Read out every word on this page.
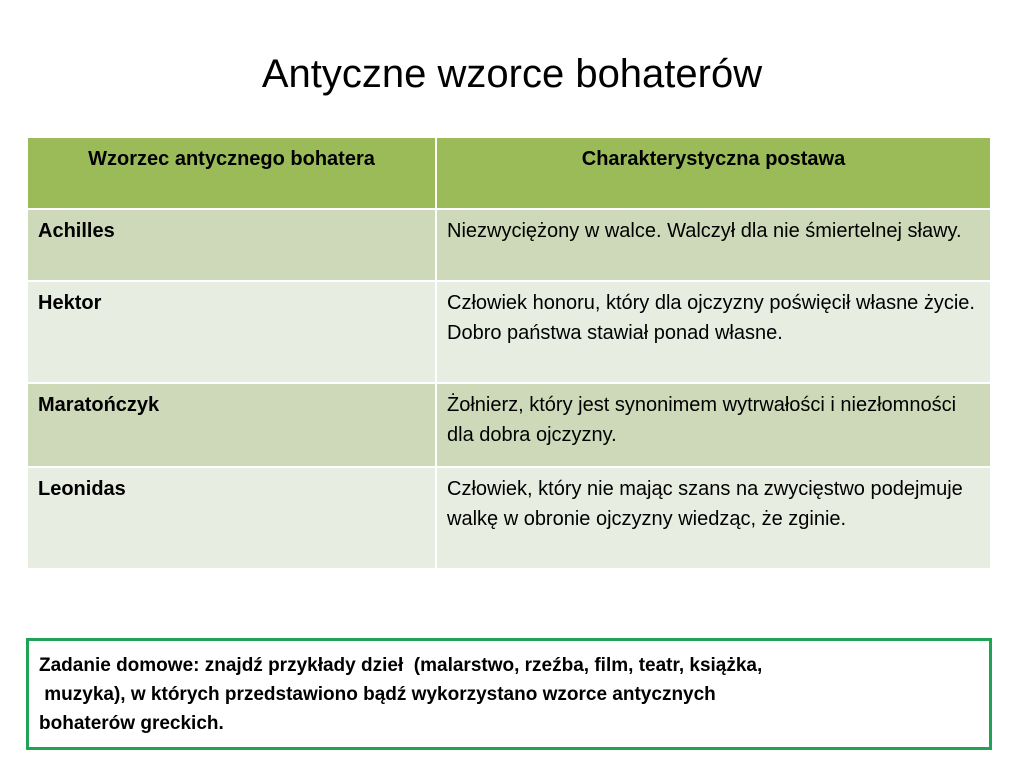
Antyczne wzorce bohaterów
Wzorzec antycznego bohatera	Charakterystyczna postawa
Achilles	Niezwyciężony w walce. Walczył dla nie śmiertelnej sławy.
Hektor	Człowiek honoru, który dla ojczyzny poświęcił własne życie. Dobro państwa stawiał ponad własne.
Maratończyk	Żołnierz, który jest synonimem wytrwałości i niezłomności dla dobra ojczyzny.
Leonidas	Człowiek, który nie mając szans na zwycięstwo podejmuje walkę w obronie ojczyzny wiedząc, że zginie.
Zadanie domowe: znajdź przykłady dzieł  (malarstwo, rzeźba, film, teatr, książka,
muzyka), w których przedstawiono bądź wykorzystano wzorce antycznych
bohaterów greckich.
